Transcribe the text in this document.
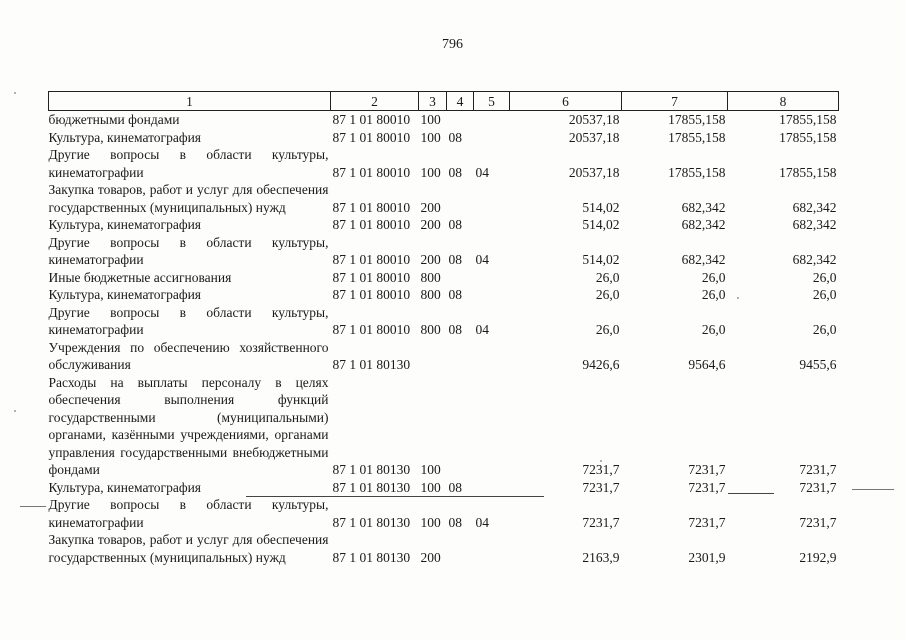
796
1	2	3	4	5	6	7	8
бюджетными фондами	87 1 01 80010	100			20537,18	17855,158	17855,158
Культура, кинематография	87 1 01 80010	100	08		20537,18	17855,158	17855,158
Другие вопросы в области культуры, кинематографии	87 1 01 80010	100	08	04	20537,18	17855,158	17855,158
Закупка товаров, работ и услуг для обеспечения государственных (муниципальных) нужд	87 1 01 80010	200			514,02	682,342	682,342
Культура, кинематография	87 1 01 80010	200	08		514,02	682,342	682,342
Другие вопросы в области культуры, кинематографии	87 1 01 80010	200	08	04	514,02	682,342	682,342
Иные бюджетные ассигнования	87 1 01 80010	800			26,0	26,0	26,0
Культура, кинематография	87 1 01 80010	800	08		26,0	26,0	26,0
Другие вопросы в области культуры, кинематографии	87 1 01 80010	800	08	04	26,0	26,0	26,0
Учреждения по обеспечению хозяйственного обслуживания	87 1 01 80130				9426,6	9564,6	9455,6
Расходы на выплаты персоналу в целях обеспечения выполнения функций государственными (муниципальными) органами, казёнными учреждениями, органами управления государственными внебюджетными фондами	87 1 01 80130	100			7231,7	7231,7	7231,7
Культура, кинематография	87 1 01 80130	100	08		7231,7	7231,7	7231,7
Другие вопросы в области культуры, кинематографии	87 1 01 80130	100	08	04	7231,7	7231,7	7231,7
Закупка товаров, работ и услуг для обеспечения государственных (муниципальных) нужд	87 1 01 80130	200			2163,9	2301,9	2192,9
